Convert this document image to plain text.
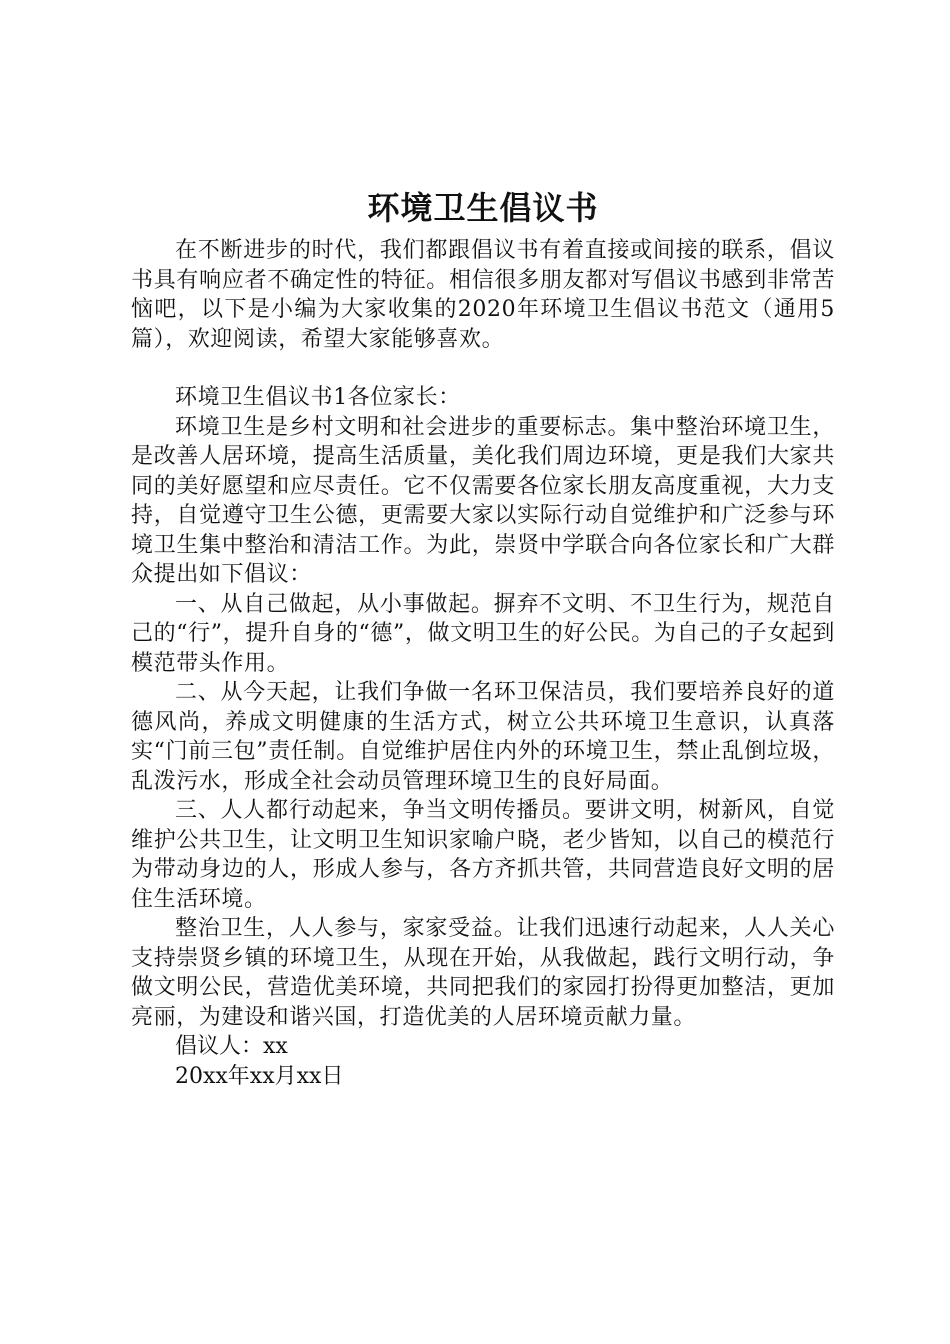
环境卫生倡议书

在不断进步的时代，我们都跟倡议书有着直接或间接的联系，倡议书具有响应者不确定性的特征。相信很多朋友都对写倡议书感到非常苦恼吧，以下是小编为大家收集的2020年环境卫生倡议书范文（通用5篇），欢迎阅读，希望大家能够喜欢。

环境卫生倡议书1各位家长：

环境卫生是乡村文明和社会进步的重要标志。集中整治环境卫生，是改善人居环境，提高生活质量，美化我们周边环境，更是我们大家共同的美好愿望和应尽责任。它不仅需要各位家长朋友高度重视，大力支持，自觉遵守卫生公德，更需要大家以实际行动自觉维护和广泛参与环境卫生集中整治和清洁工作。为此，崇贤中学联合向各位家长和广大群众提出如下倡议：

一、从自己做起，从小事做起。摒弃不文明、不卫生行为，规范自己的“行”，提升自身的“德”，做文明卫生的好公民。为自己的子女起到模范带头作用。

二、从今天起，让我们争做一名环卫保洁员，我们要培养良好的道德风尚，养成文明健康的生活方式，树立公共环境卫生意识，认真落实“门前三包”责任制。自觉维护居住内外的环境卫生，禁止乱倒垃圾，乱泼污水，形成全社会动员管理环境卫生的良好局面。

三、人人都行动起来，争当文明传播员。要讲文明，树新风，自觉维护公共卫生，让文明卫生知识家喻户晓，老少皆知，以自己的模范行为带动身边的人，形成人参与，各方齐抓共管，共同营造良好文明的居住生活环境。

整治卫生，人人参与，家家受益。让我们迅速行动起来，人人关心支持崇贤乡镇的环境卫生，从现在开始，从我做起，践行文明行动，争做文明公民，营造优美环境，共同把我们的家园打扮得更加整洁，更加亮丽，为建设和谐兴国，打造优美的人居环境贡献力量。

倡议人：xx

20xx年xx月xx日
